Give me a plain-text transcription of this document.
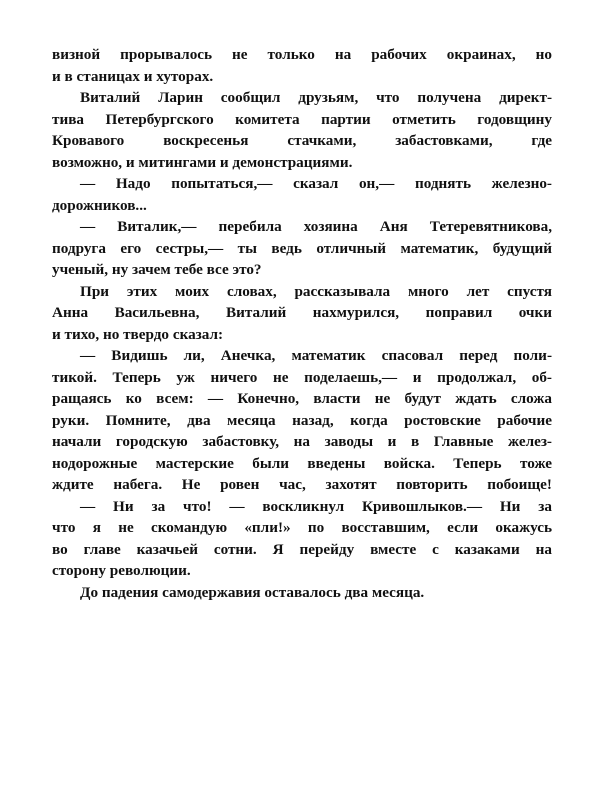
визной прорывалось не только на рабочих окраинах, но
и в станицах и хуторах.
Виталий Ларин сообщил друзьям, что получена директ-
тива Петербургского комитета партии отметить годовщину
Кровавого воскресенья стачками, забастовками, где
возможно, и митингами и демонстрациями.
— Надо попытаться,— сказал он,— поднять железно-
дорожников...
— Виталик,— перебила хозяина Аня Тетеревятникова,
подруга его сестры,— ты ведь отличный математик, будущий
ученый, ну зачем тебе все это?
При этих моих словах, рассказывала много лет спустя
Анна Васильевна, Виталий нахмурился, поправил очки
и тихо, но твердо сказал:
— Видишь ли, Анечка, математик спасовал перед поли-
тикой. Теперь уж ничего не поделаешь,— и продолжал, об-
ращаясь ко всем: — Конечно, власти не будут ждать сложа
руки. Помните, два месяца назад, когда ростовские рабочие
начали городскую забастовку, на заводы и в Главные желез-
нодорожные мастерские были введены войска. Теперь тоже
ждите набега. Не ровен час, захотят повторить побоище!
— Ни за что! — воскликнул Кривошлыков.— Ни за
что я не скомандую «пли!» по восставшим, если окажусь
во главе казачьей сотни. Я перейду вместе с казаками на
сторону революции.
До падения самодержавия оставалось два месяца.
